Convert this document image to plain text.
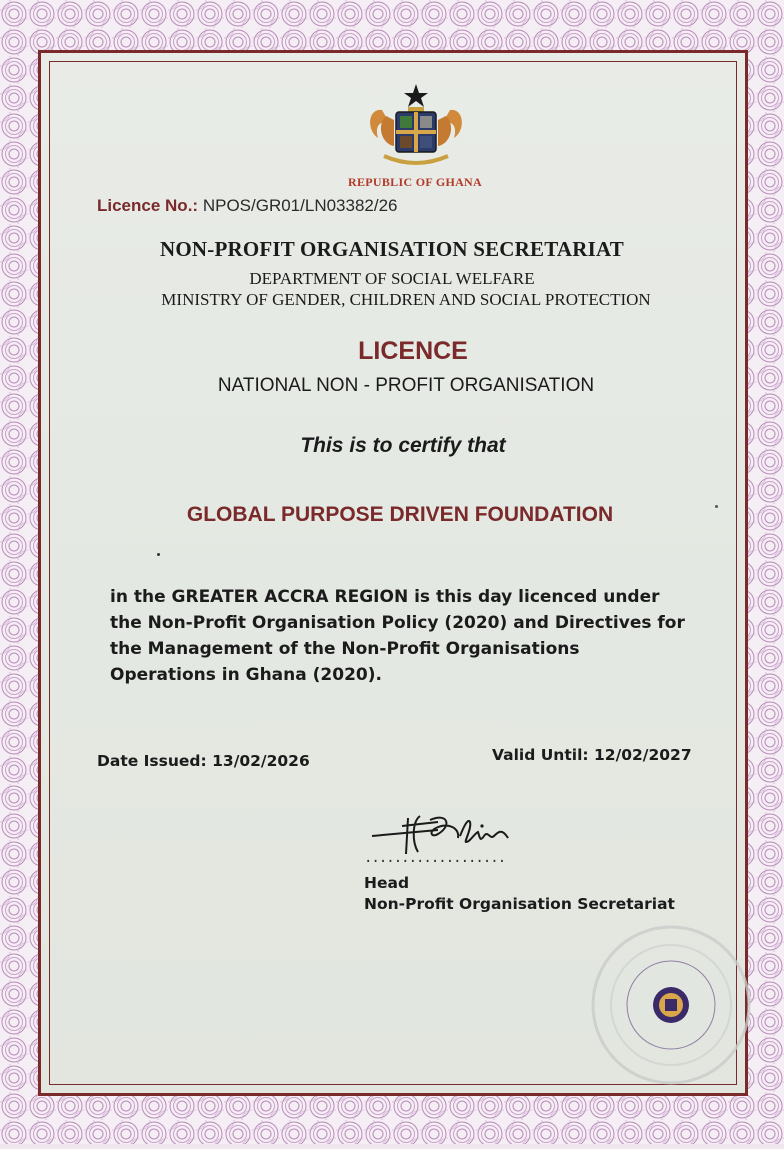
REPUBLIC OF GHANA
Licence No.: NPOS/GR01/LN03382/26
NON-PROFIT ORGANISATION SECRETARIAT
DEPARTMENT OF SOCIAL WELFARE
MINISTRY OF GENDER, CHILDREN AND SOCIAL PROTECTION
LICENCE
NATIONAL NON - PROFIT ORGANISATION
This is to certify that
GLOBAL PURPOSE DRIVEN FOUNDATION
in the GREATER ACCRA REGION is this day licenced under
the Non-Profit Organisation Policy (2020) and Directives for
the Management of the Non-Profit Organisations
Operations in Ghana (2020).
Date Issued: 13/02/2026	Valid Until: 12/02/2027
...................
Head
Non-Profit Organisation Secretariat
